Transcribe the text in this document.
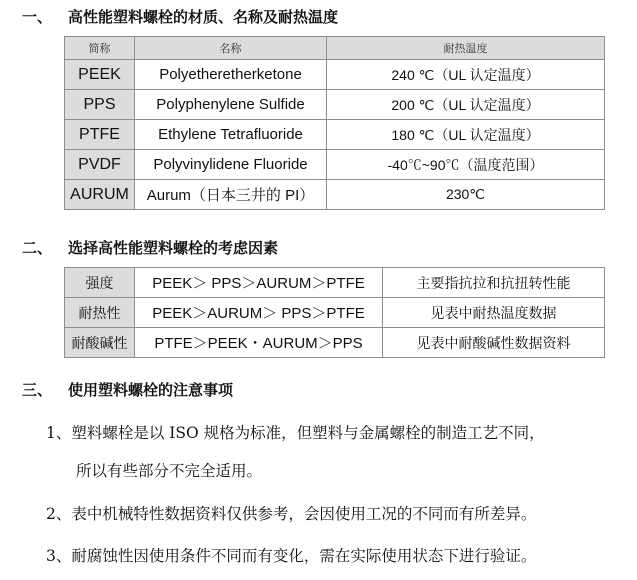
一、 高性能塑料螺栓的材质、名称及耐热温度
简称	名称	耐热温度
PEEK	Polyetheretherketone	240 ℃（UL 认定温度）
PPS	Polyphenylene Sulfide	200 ℃（UL 认定温度）
PTFE	Ethylene Tetrafluoride	180 ℃（UL 认定温度）
PVDF	Polyvinylidene Fluoride	-40℃~90℃（温度范围）
AURUM	Aurum（日本三井的 PI）	230℃
二、 选择高性能塑料螺栓的考虑因素
强度	PEEK＞ PPS＞AURUM＞PTFE	主要指抗拉和抗扭转性能
耐热性	PEEK＞AURUM＞ PPS＞PTFE	见表中耐热温度数据
耐酸碱性	PTFE＞PEEK・AURUM＞PPS	见表中耐酸碱性数据资料
三、 使用塑料螺栓的注意事项
1、塑料螺栓是以 ISO 规格为标准，但塑料与金属螺栓的制造工艺不同，
所以有些部分不完全适用。
2、表中机械特性数据资料仅供参考，会因使用工况的不同而有所差异。
3、耐腐蚀性因使用条件不同而有变化，需在实际使用状态下进行验证。
